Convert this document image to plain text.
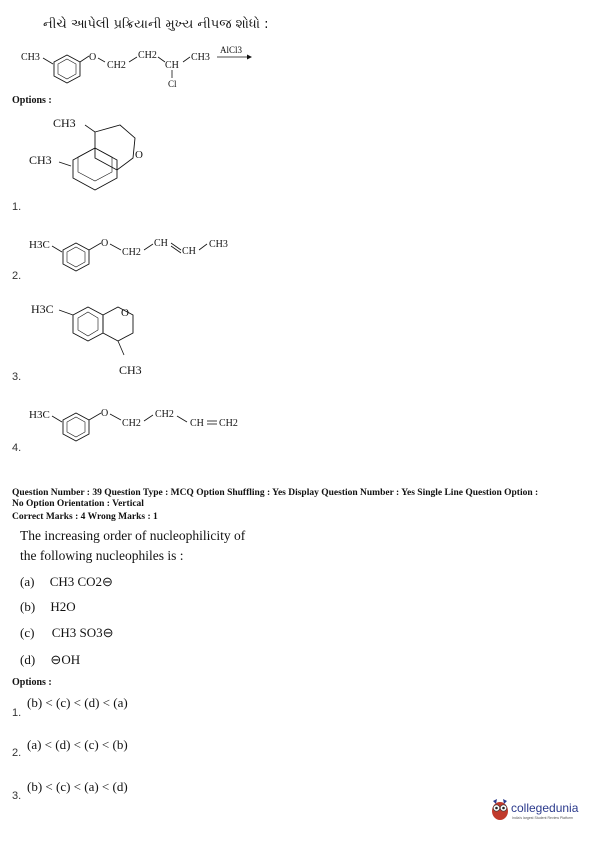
નીચે આપેલી પ્રક્રિયાની મુખ્ય નીપજ શોધો :
CH3	O
CH2
CH2
CH
Cl
CH3
AlCl3
Options :
CH3
O
CH3
1.
H3C	O
CH2
CH
CH
CH3
2.
H3C	O
CH3
3.
H3C	O
CH2
CH2
CH CH2
4.
Question Number : 39 Question Type : MCQ Option Shuffling : Yes Display Question Number : Yes Single Line Question Option :
No Option Orientation : Vertical
Correct Marks : 4 Wrong Marks : 1
The increasing order of nucleophilicity of
the following nucleophiles is :
(a) CH3 CO2⊖
(b) H2O
(c) CH3 SO3⊖
(d) ⊖OH
Options :
1.
(b) < (c) < (d) < (a)
2.
(a) < (d) < (c) < (b)
3.
(b) < (c) < (a) < (d)
collegedunia
India's largest Student Review Platform
